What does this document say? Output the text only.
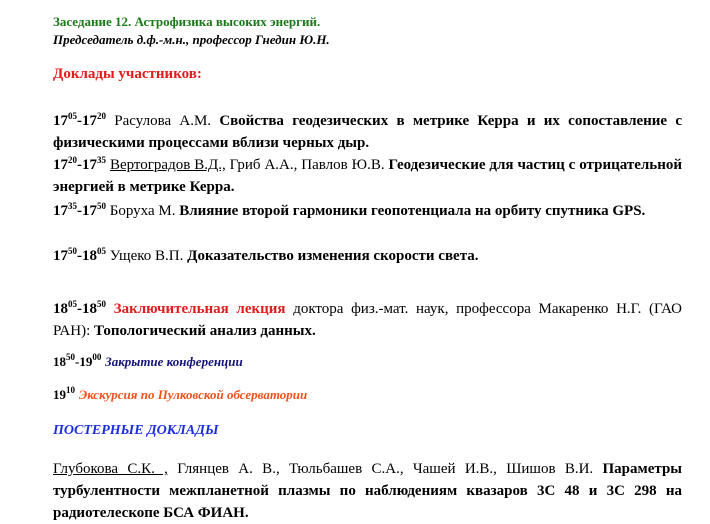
Заседание 12. Астрофизика высоких энергий.
Председатель д.ф.-м.н., профессор Гнедин Ю.Н.
Доклады участников:
$17^{05}-17^{20}$ Расулова А.М. Свойства геодезических в метрике Керра и их сопоставление с физическими процессами вблизи черных дыр.
$17^{20}-17^{35}$ Вертоградов В.Д., Гриб А.А., Павлов Ю.В. Геодезические для частиц с отрицательной энергией в метрике Керра.
$17^{35}-17^{50}$ Боруха М. Влияние второй гармоники геопотенциала на орбиту спутника GPS.
$17^{50}-18^{05}$ Ущеко В.П. Доказательство изменения скорости света.
$18^{05}-18^{50}$ Заключительная лекция доктора физ.-мат. наук, профессора Макаренко Н.Г. (ГАО РАН): Топологический анализ данных.
$18^{50}-19^{00}$ Закрытие конференции
$19^{10}$ Экскурсия по Пулковской обсерватории
ПОСТЕРНЫЕ ДОКЛАДЫ
Глубокова С.К. , Глянцев А. В., Тюльбашев С.А., Чашей И.В., Шишов В.И. Параметры турбулентности межпланетной плазмы по наблюдениям квазаров 3C 48 и 3C 298 на радиотелескопе БСА ФИАН.
